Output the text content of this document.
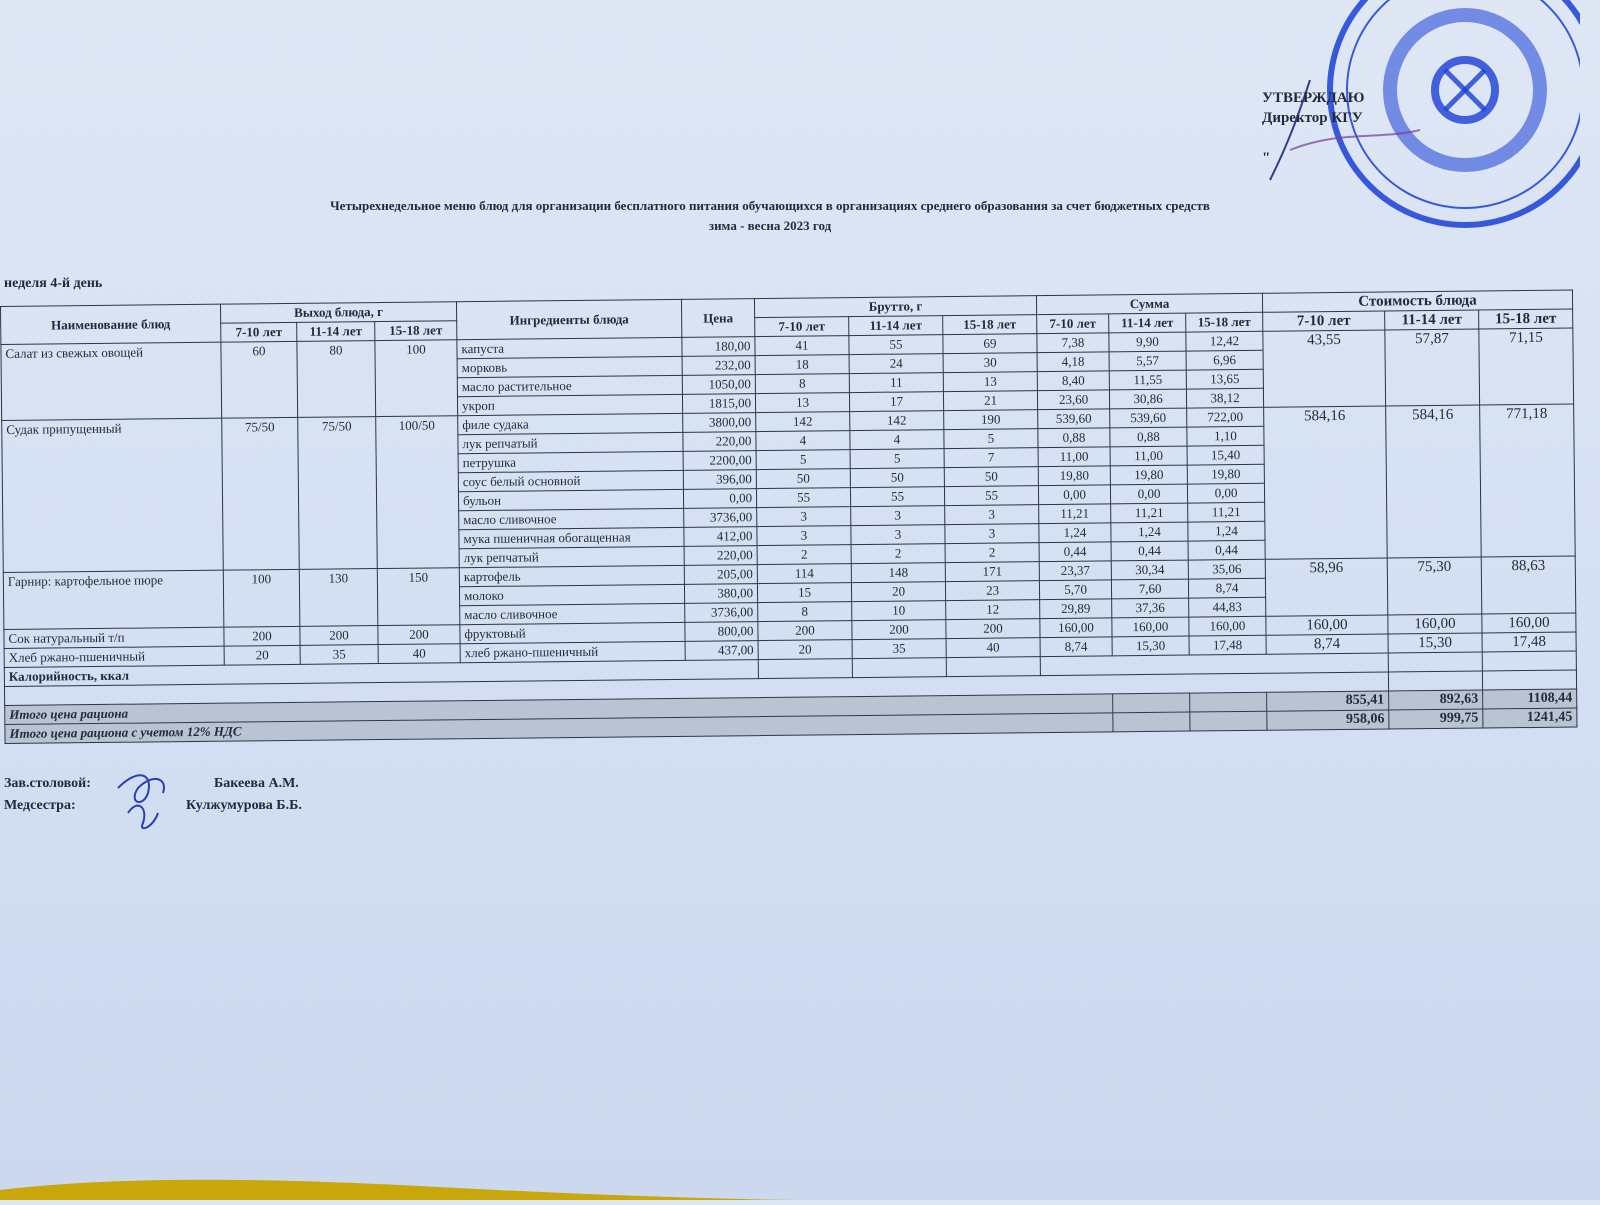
УТВЕРЖДАЮ
Директор КГУ
"
Четырехнедельное меню блюд для организации бесплатного питания обучающихся в организациях среднего образования за счет бюджетных средств
зима - весна 2023 год
неделя 4-й день
Наименование блюд	Выход блюда, г			Ингредиенты блюда	Цена	Брутто, г			Сумма			Стоимость блюда		
	7-10 лет	11-14 лет	15-18 лет			7-10 лет	11-14 лет	15-18 лет	7-10 лет	11-14 лет	15-18 лет	7-10 лет	11-14 лет	15-18 лет
Салат из свежых овощей	60	80	100	капуста	180,00	41	55	69	7,38	9,90	12,42	43,55	57,87	71,15
				морковь	232,00	18	24	30	4,18	5,57	6,96			
				масло растительное	1050,00	8	11	13	8,40	11,55	13,65			
				укроп	1815,00	13	17	21	23,60	30,86	38,12			
Судак припущенный	75/50	75/50	100/50	филе судака	3800,00	142	142	190	539,60	539,60	722,00	584,16	584,16	771,18
				лук репчатый	220,00	4	4	5	0,88	0,88	1,10			
				петрушка	2200,00	5	5	7	11,00	11,00	15,40			
				соус белый основной	396,00	50	50	50	19,80	19,80	19,80			
				бульон	0,00	55	55	55	0,00	0,00	0,00			
				масло сливочное	3736,00	3	3	3	11,21	11,21	11,21			
				мука пшеничная обогащенная	412,00	3	3	3	1,24	1,24	1,24			
				лук репчатый	220,00	2	2	2	0,44	0,44	0,44			
Гарнир: картофельное пюре	100	130	150	картофель	205,00	114	148	171	23,37	30,34	35,06	58,96	75,30	88,63
				молоко	380,00	15	20	23	5,70	7,60	8,74			
				масло сливочное	3736,00	8	10	12	29,89	37,36	44,83			
Сок натуральный т/п	200	200	200	фруктовый	800,00	200	200	200	160,00	160,00	160,00	160,00	160,00	160,00
Хлеб ржано-пшеничный	20	35	40	хлеб ржано-пшеничный	437,00	20	35	40	8,74	15,30	17,48	8,74	15,30	17,48
Калорийность, ккал														

Итого цена рациона												855,41	892,63	1108,44
Итого цена рациона с учетом 12% НДС												958,06	999,75	1241,45
Зав.столовой:	Бакеева А.М.
Медсестра:	Кулжумурова Б.Б.
